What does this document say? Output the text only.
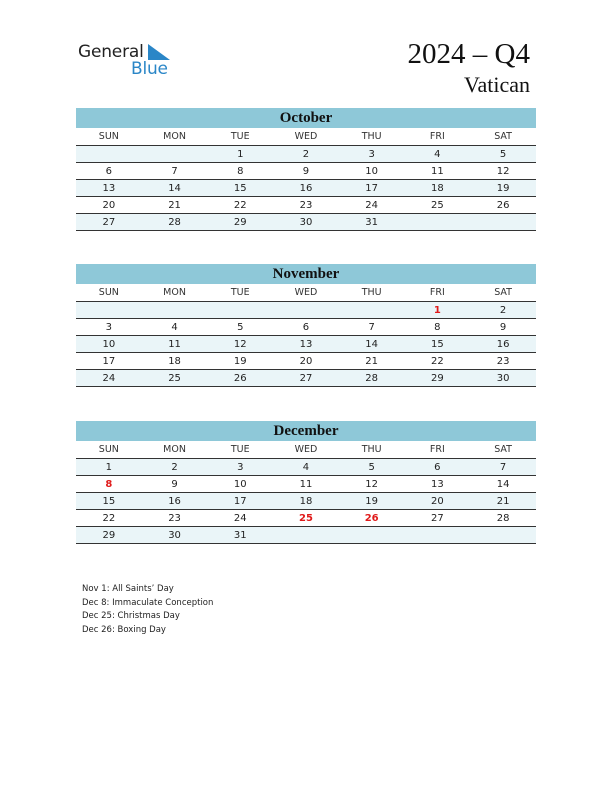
General
Blue	2024 – Q4
Vatican
October
SUN	MON	TUE	WED	THU	FRI	SAT
		1	2	3	4	5
6	7	8	9	10	11	12
13	14	15	16	17	18	19
20	21	22	23	24	25	26
27	28	29	30	31		
November
SUN	MON	TUE	WED	THU	FRI	SAT
					1	2
3	4	5	6	7	8	9
10	11	12	13	14	15	16
17	18	19	20	21	22	23
24	25	26	27	28	29	30
December
SUN	MON	TUE	WED	THU	FRI	SAT
1	2	3	4	5	6	7
8	9	10	11	12	13	14
15	16	17	18	19	20	21
22	23	24	25	26	27	28
29	30	31				
Nov 1: All Saints’ Day
Dec 8: Immaculate Conception
Dec 25: Christmas Day
Dec 26: Boxing Day
